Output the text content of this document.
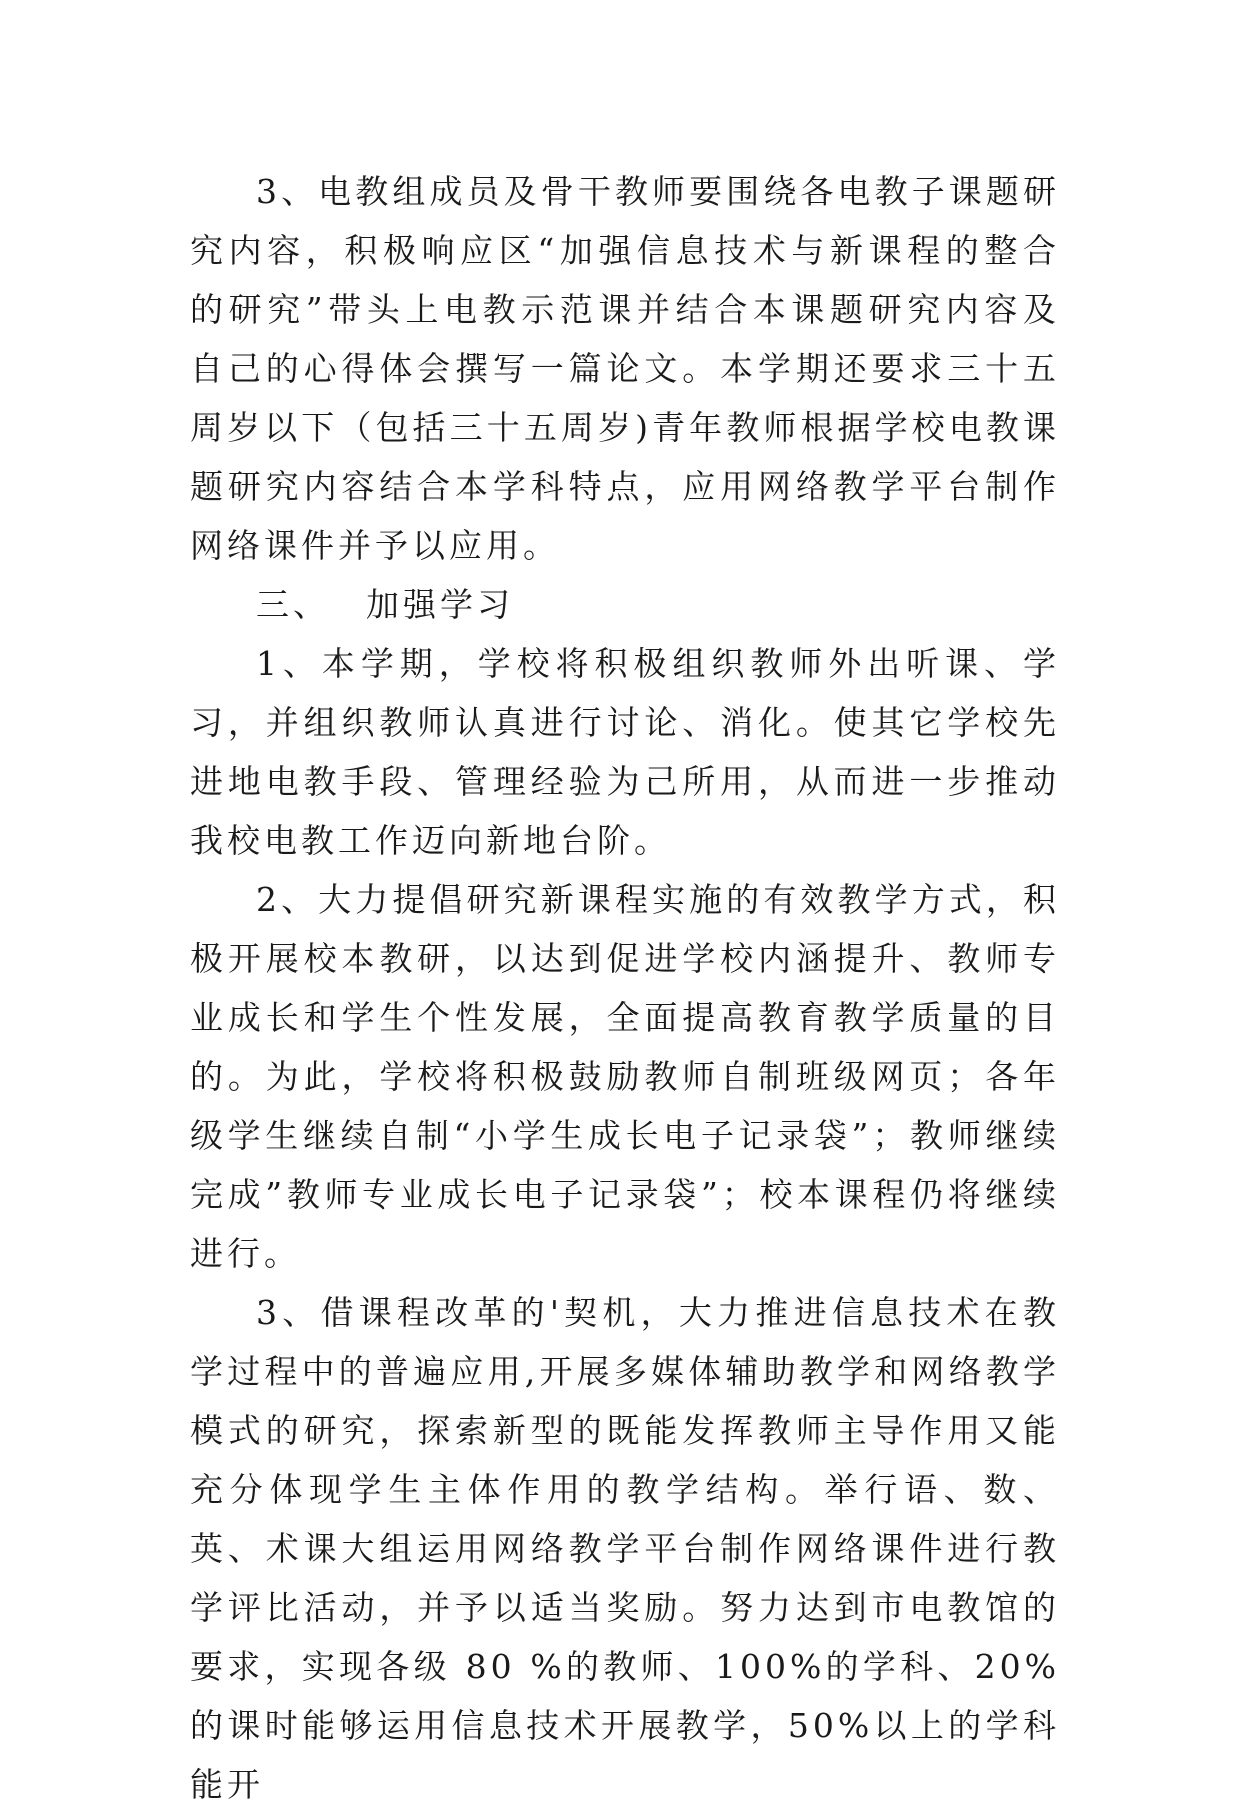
3、电教组成员及骨干教师要围绕各电教子课题研究内容，积极响应区“加强信息技术与新课程的整合的研究”带头上电教示范课并结合本课题研究内容及自己的心得体会撰写一篇论文。本学期还要求三十五周岁以下（包括三十五周岁)青年教师根据学校电教课题研究内容结合本学科特点，应用网络教学平台制作网络课件并予以应用。

三、 加强学习

1、本学期，学校将积极组织教师外出听课、学习，并组织教师认真进行讨论、消化。使其它学校先进地电教手段、管理经验为己所用，从而进一步推动我校电教工作迈向新地台阶。

2、大力提倡研究新课程实施的有效教学方式，积极开展校本教研，以达到促进学校内涵提升、教师专业成长和学生个性发展，全面提高教育教学质量的目的。为此，学校将积极鼓励教师自制班级网页；各年级学生继续自制“小学生成长电子记录袋”；教师继续完成”教师专业成长电子记录袋”；校本课程仍将继续进行。

3、借课程改革的'契机，大力推进信息技术在教学过程中的普遍应用,开展多媒体辅助教学和网络教学模式的研究，探索新型的既能发挥教师主导作用又能充分体现学生主体作用的教学结构。举行语、数、英、术课大组运用网络教学平台制作网络课件进行教学评比活动，并予以适当奖励。努力达到市电教馆的要求，实现各级 80 %的教师、100%的学科、20%的课时能够运用信息技术开展教学，50%以上的学科能开
